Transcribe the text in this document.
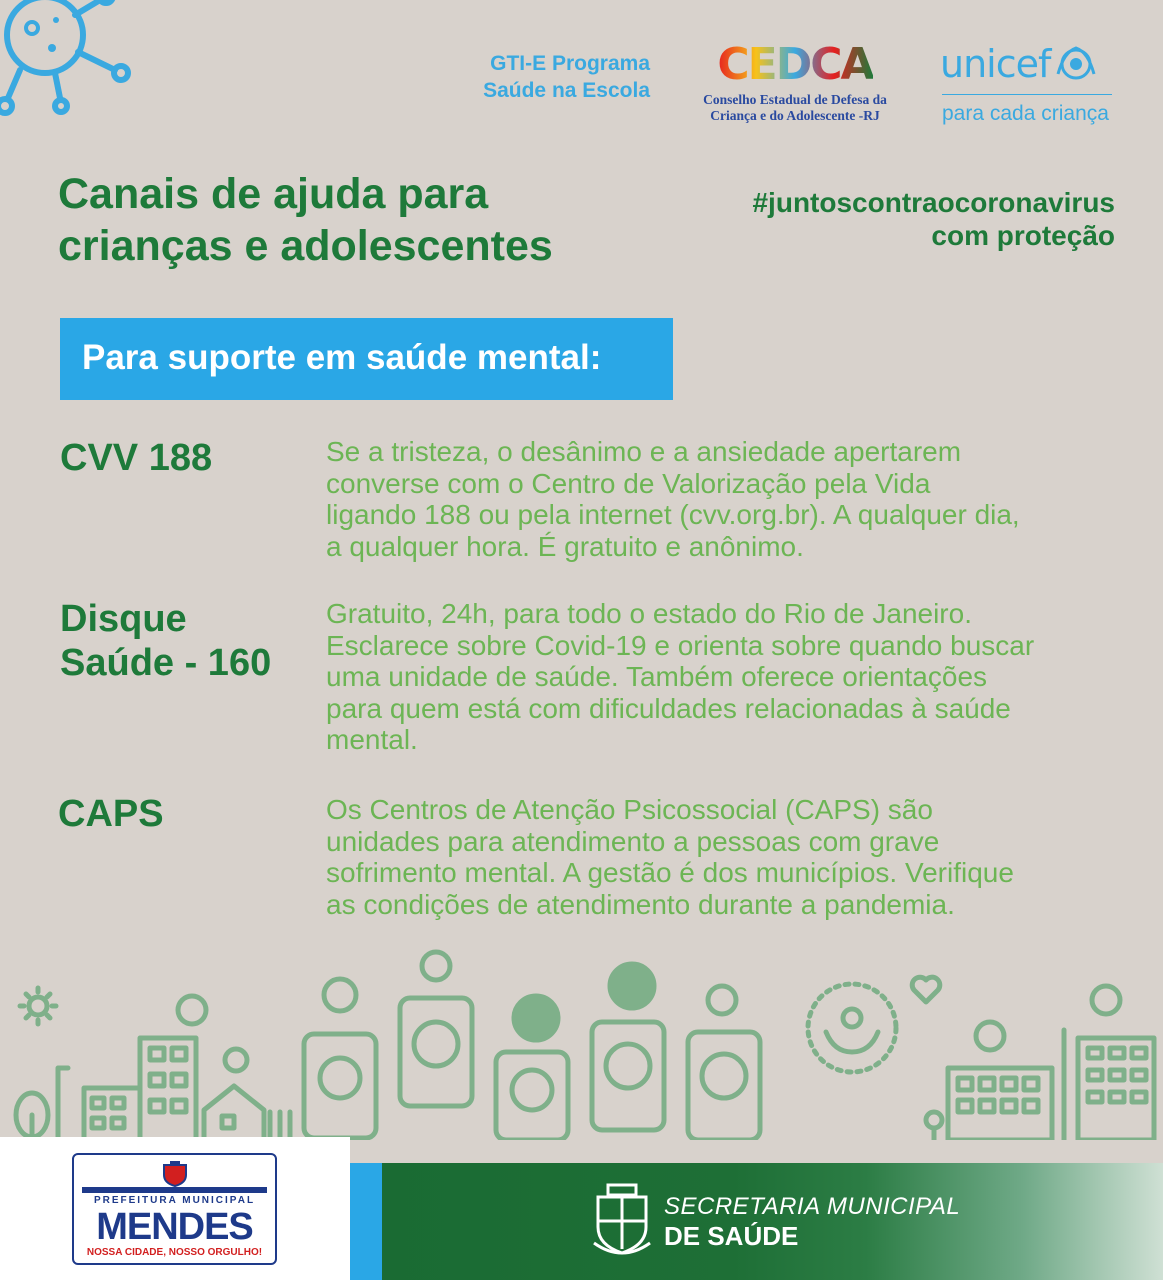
GTI-E Programa
Saúde na Escola
CEDCA
Conselho Estadual de Defesa da
Criança e do Adolescente -RJ
unicef
para cada criança
Canais de ajuda para
crianças e adolescentes
#juntoscontraocoronavirus
com proteção
Para suporte em saúde mental:
CVV 188	Se a tristeza, o desânimo e a ansiedade apertarem
converse com o Centro de Valorização pela Vida
ligando 188 ou pela internet (cvv.org.br). A qualquer dia,
a qualquer hora. É gratuito e anônimo.
Disque
Saúde - 160
Gratuito, 24h, para todo o estado do Rio de Janeiro.
Esclarece sobre Covid-19 e orienta sobre quando buscar
uma unidade de saúde. Também oferece orientações
para quem está com dificuldades relacionadas à saúde
mental.
CAPS	Os Centros de Atenção Psicossocial (CAPS) são
unidades para atendimento a pessoas com grave
sofrimento mental. A gestão é dos municípios. Verifique
as condições de atendimento durante a pandemia.
PREFEITURA MUNICIPAL
MENDES
NOSSA CIDADE, NOSSO ORGULHO!
SECRETARIA MUNICIPAL
DE SAÚDE
